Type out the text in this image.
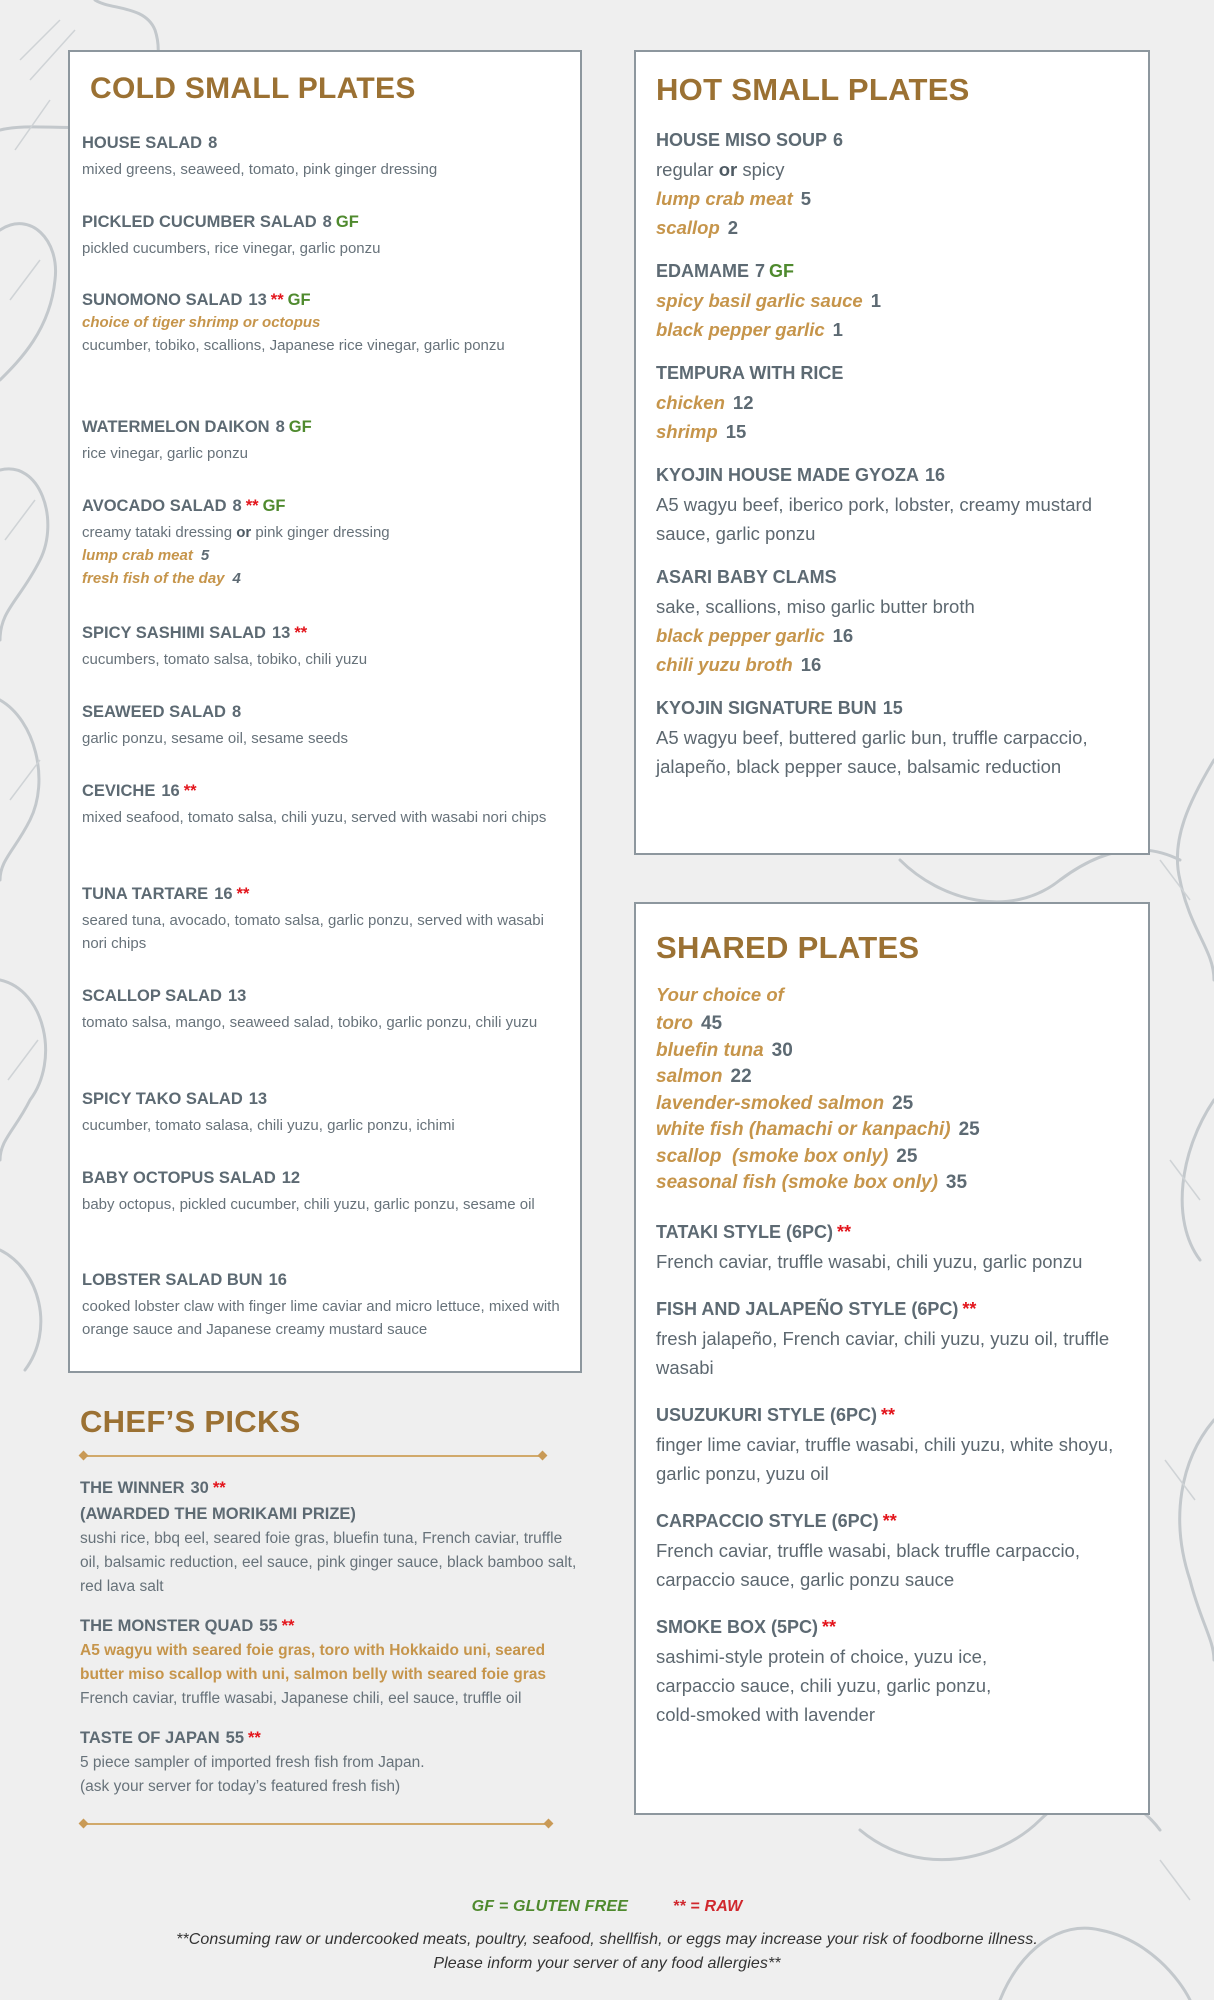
COLD SMALL PLATES
HOUSE SALAD 8
mixed greens, seaweed, tomato, pink ginger dressing
PICKLED CUCUMBER SALAD 8 GF
pickled cucumbers, rice vinegar, garlic ponzu
SUNOMONO SALAD 13 ** GF
choice of tiger shrimp or octopus
cucumber, tobiko, scallions, Japanese rice vinegar, garlic ponzu
WATERMELON DAIKON 8 GF
rice vinegar, garlic ponzu
AVOCADO SALAD 8 ** GF
creamy tataki dressing or pink ginger dressing
lump crab meat 5
fresh fish of the day 4
SPICY SASHIMI SALAD 13 **
cucumbers, tomato salsa, tobiko, chili yuzu
SEAWEED SALAD 8
garlic ponzu, sesame oil, sesame seeds
CEVICHE 16 **
mixed seafood, tomato salsa, chili yuzu, served with wasabi nori chips
TUNA TARTARE 16 **
seared tuna, avocado, tomato salsa, garlic ponzu, served with wasabi nori chips
SCALLOP SALAD 13
tomato salsa, mango, seaweed salad, tobiko, garlic ponzu, chili yuzu
SPICY TAKO SALAD 13
cucumber, tomato salasa, chili yuzu, garlic ponzu, ichimi
BABY OCTOPUS SALAD 12
baby octopus, pickled cucumber, chili yuzu, garlic ponzu, sesame oil
LOBSTER SALAD BUN 16
cooked lobster claw with finger lime caviar and micro lettuce, mixed with orange sauce and Japanese creamy mustard sauce
HOT SMALL PLATES
HOUSE MISO SOUP 6
regular or spicy
lump crab meat 5
scallop 2
EDAMAME 7 GF
spicy basil garlic sauce 1
black pepper garlic 1
TEMPURA WITH RICE
chicken 12
shrimp 15
KYOJIN HOUSE MADE GYOZA 16
A5 wagyu beef, iberico pork, lobster, creamy mustard sauce, garlic ponzu
ASARI BABY CLAMS
sake, scallions, miso garlic butter broth
black pepper garlic 16
chili yuzu broth 16
KYOJIN SIGNATURE BUN 15
A5 wagyu beef, buttered garlic bun, truffle carpaccio, jalapeño, black pepper sauce, balsamic reduction
SHARED PLATES
Your choice of
toro 45
bluefin tuna 30
salmon 22
lavender-smoked salmon 25
white fish (hamachi or kanpachi) 25
scallop  (smoke box only) 25
seasonal fish (smoke box only) 35
TATAKI STYLE (6PC) **
French caviar, truffle wasabi, chili yuzu, garlic ponzu
FISH AND JALAPEÑO STYLE (6PC) **
fresh jalapeño, French caviar, chili yuzu, yuzu oil, truffle wasabi
USUZUKURI STYLE (6PC) **
finger lime caviar, truffle wasabi, chili yuzu, white shoyu, garlic ponzu, yuzu oil
CARPACCIO STYLE (6PC) **
French caviar, truffle wasabi, black truffle carpaccio, carpaccio sauce, garlic ponzu sauce
SMOKE BOX (5PC) **
sashimi-style protein of choice, yuzu ice,
carpaccio sauce, chili yuzu, garlic ponzu,
cold-smoked with lavender
CHEF’S PICKS
THE WINNER 30 **
(AWARDED THE MORIKAMI PRIZE)
sushi rice, bbq eel, seared foie gras, bluefin tuna, French caviar, truffle oil, balsamic reduction, eel sauce, pink ginger sauce, black bamboo salt, red lava salt
THE MONSTER QUAD 55 **
A5 wagyu with seared foie gras, toro with Hokkaido uni, seared butter miso scallop with uni, salmon belly with seared foie gras
French caviar, truffle wasabi, Japanese chili, eel sauce, truffle oil
TASTE OF JAPAN 55 **
5 piece sampler of imported fresh fish from Japan.
(ask your server for today’s featured fresh fish)
GF = GLUTEN FREE	** = RAW
**Consuming raw or undercooked meats, poultry, seafood, shellfish, or eggs may increase your risk of foodborne illness.
Please inform your server of any food allergies**
